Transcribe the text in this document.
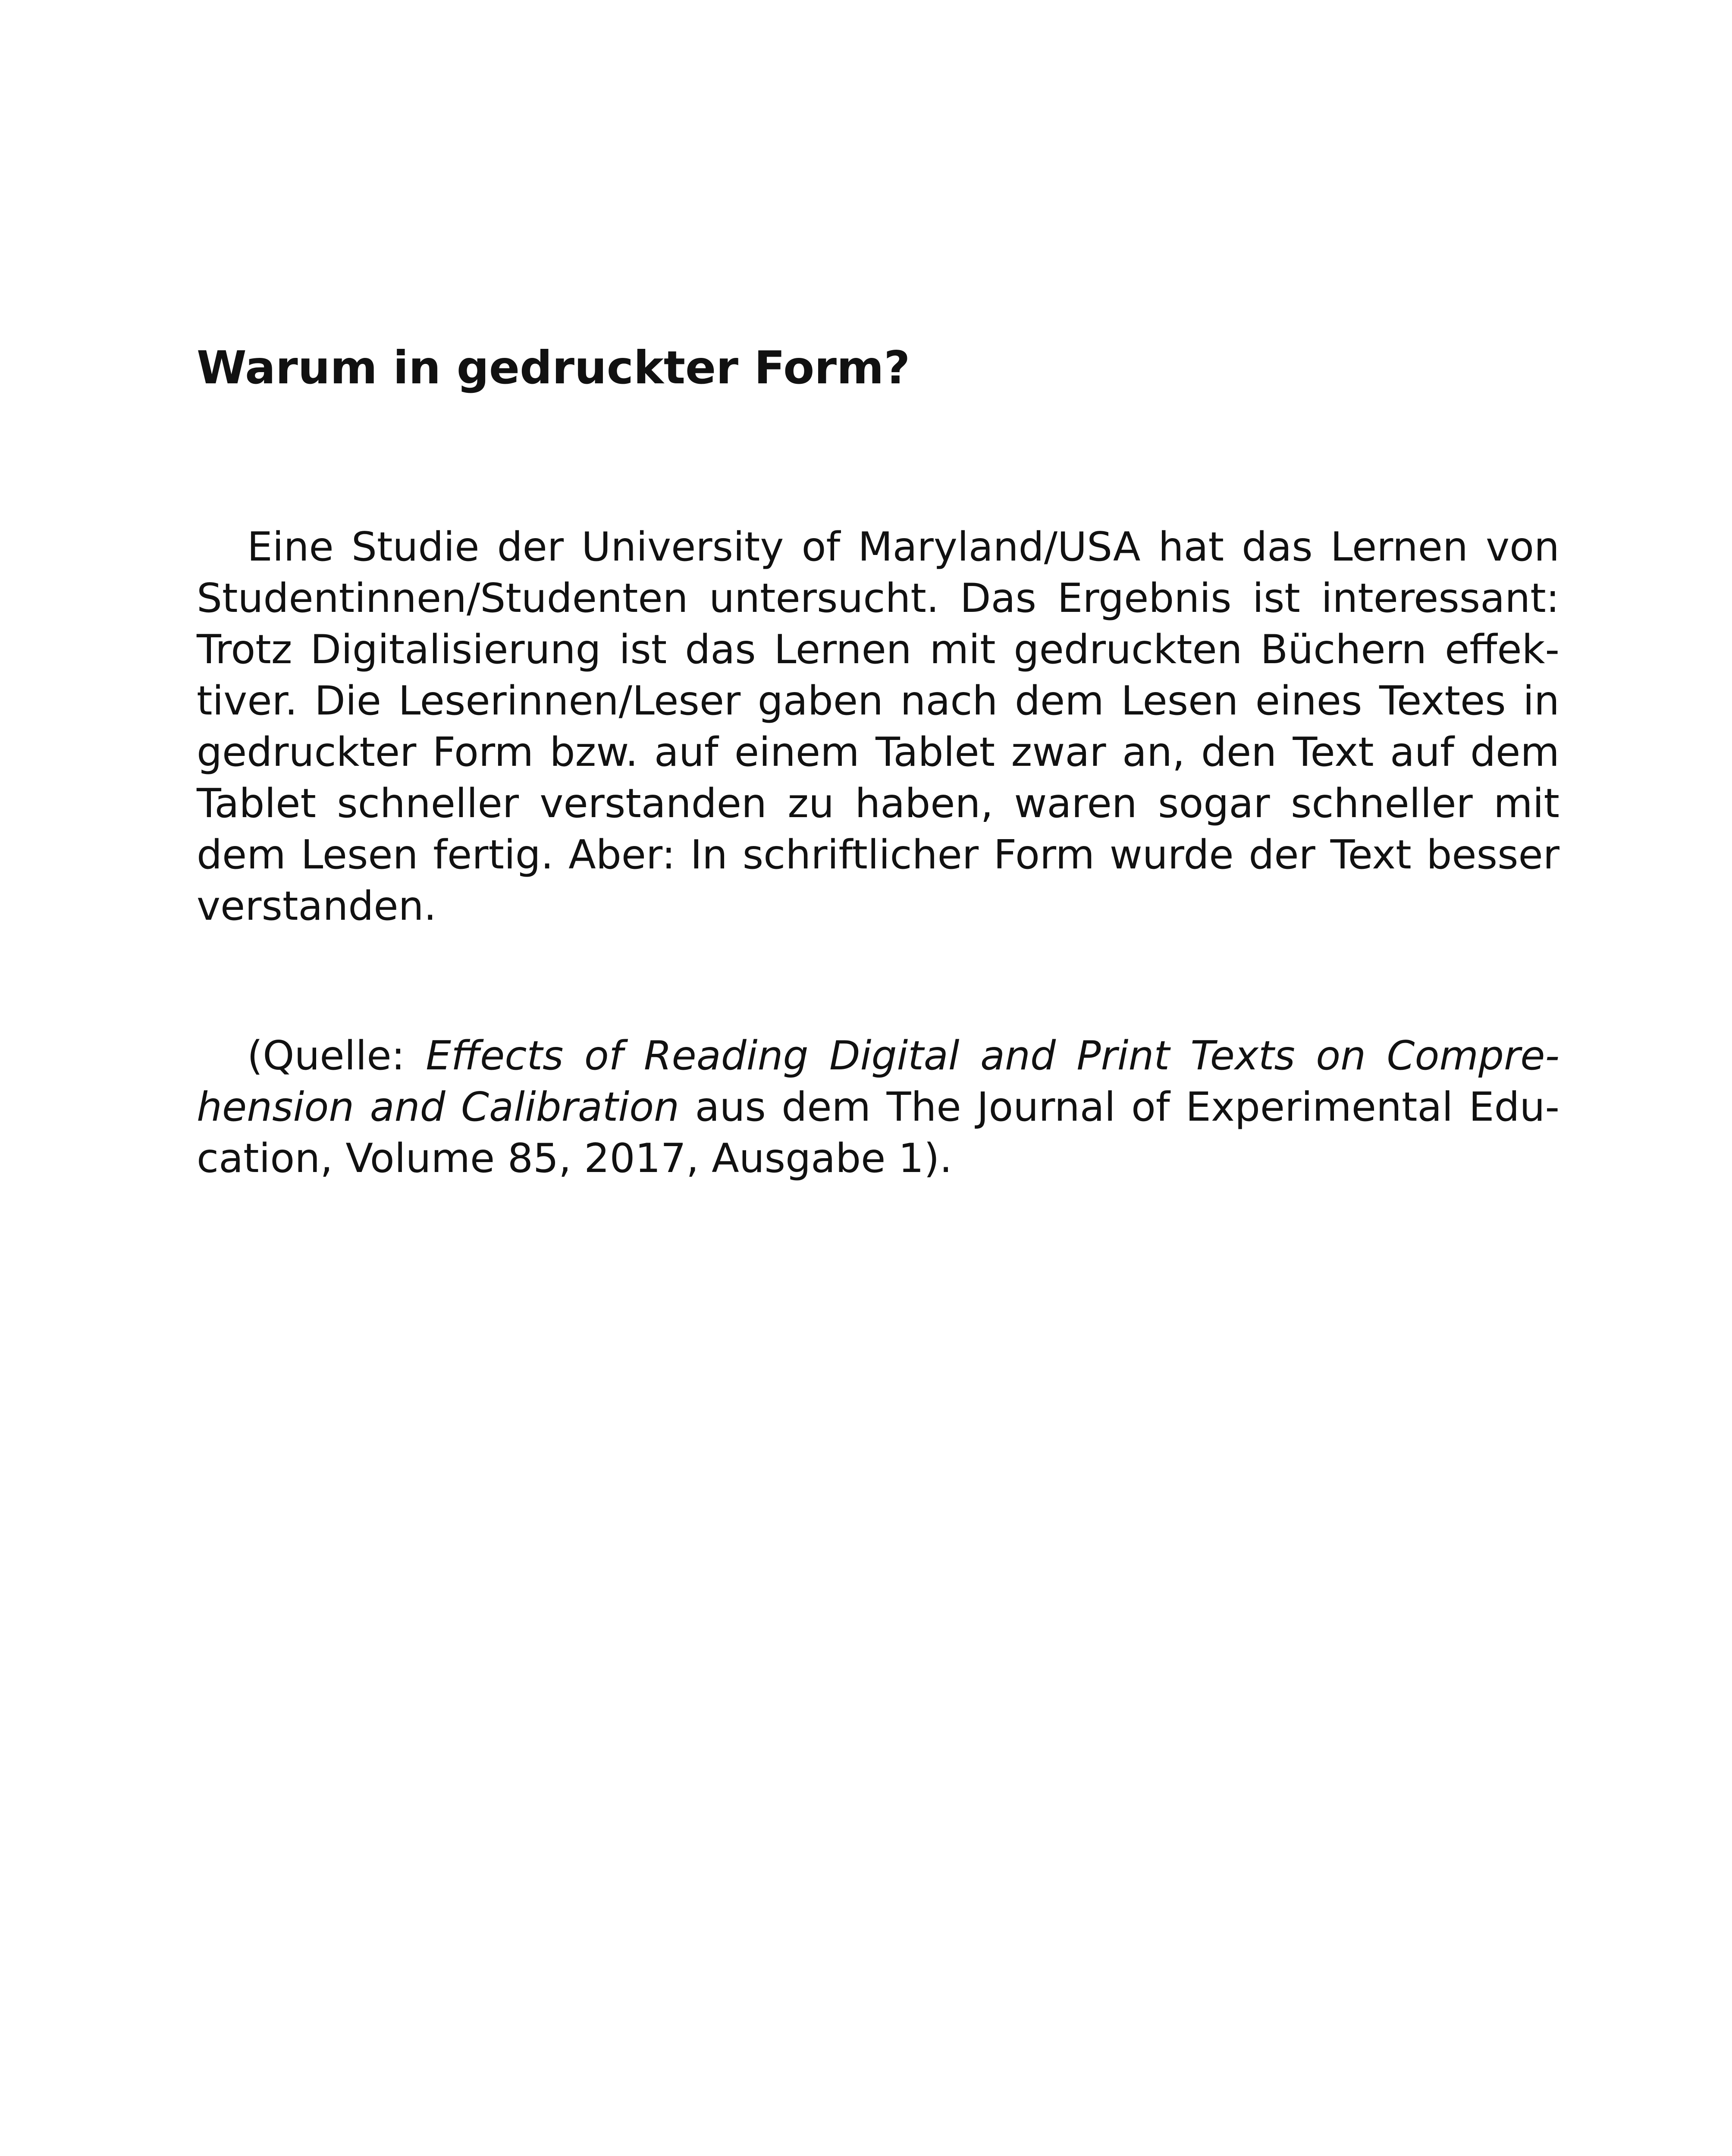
Warum in gedruckter Form?

Eine Studie der University of Maryland/USA hat das Lernen von Studentinnen/Studenten untersucht. Das Ergebnis ist interessant: Trotz Digitalisierung ist das Lernen mit gedruckten Büchern effektiver. Die Leserinnen/Leser gaben nach dem Lesen eines Textes in gedruckter Form bzw. auf einem Tablet zwar an, den Text auf dem Tablet schneller verstanden zu haben, waren sogar schneller mit dem Lesen fertig. Aber: In schriftlicher Form wurde der Text besser verstanden.

(Quelle: Effects of Reading Digital and Print Texts on Comprehension and Calibration aus dem The Journal of Experimental Education, Volume 85, 2017, Ausgabe 1).
